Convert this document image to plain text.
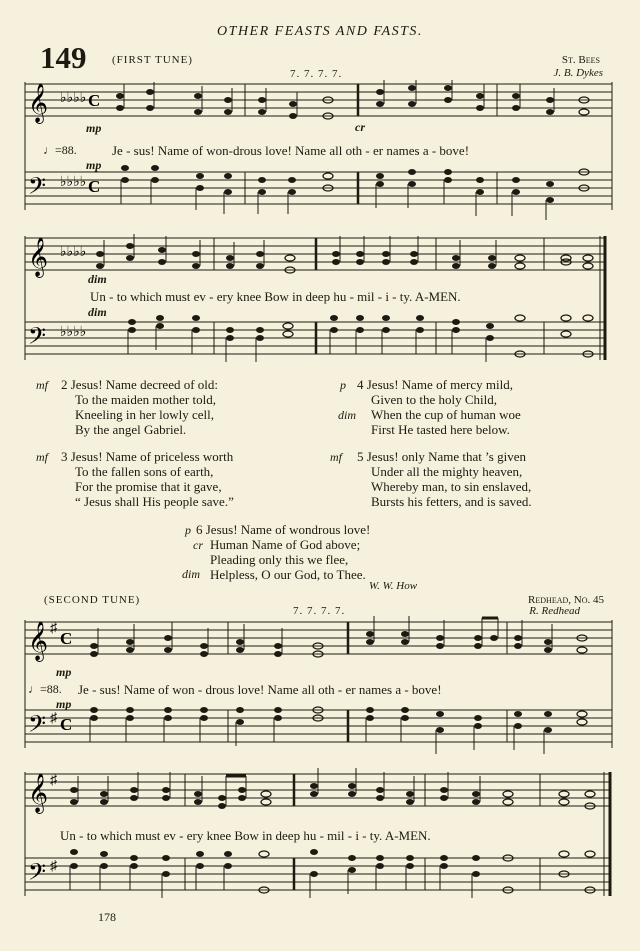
OTHER FEASTS AND FASTS.
149 (FIRST TUNE)
7. 7. 7. 7.
St. Bees
J. B. Dykes
𝄞
𝄢
♭♭♭♭
♭♭♭♭
C
C
mp	cr
mp
♩=88.	Je - sus! Name of won-drous love! Name all oth - er names a - bove!
𝄞
𝄢
♭♭♭♭
♭♭♭♭
dim
dim
Un - to which must ev - ery knee Bow in deep hu - mil - i - ty. A-MEN.
mf 2 Jesus! Name decreed of old:
To the maiden mother told,
Kneeling in her lowly cell,
By the angel Gabriel.
mf 3 Jesus! Name of priceless worth
To the fallen sons of earth,
For the promise that it gave,
“ Jesus shall His people save.”
p
dim
4 Jesus! Name of mercy mild,
Given to the holy Child,
When the cup of human woe
First He tasted here below.
mf 5 Jesus! only Name that ’s given
Under all the mighty heaven,
Whereby man, to sin enslaved,
Bursts his fetters, and is saved.
p
cr
dim
6 Jesus! Name of wondrous love!
Human Name of God above;
Pleading only this we flee,
Helpless, O our God, to Thee.
W. W. How
(SECOND TUNE)
7. 7. 7. 7.
Redhead, No. 45
R. Redhead
𝄞
𝄢
♯
♯
C
C
mp
mp
♩=88. Je - sus! Name of won - drous love! Name all oth - er names a - bove!
𝄞
𝄢
♯
♯
Un - to which must ev - ery knee Bow in deep hu - mil - i - ty. A-MEN.
178
